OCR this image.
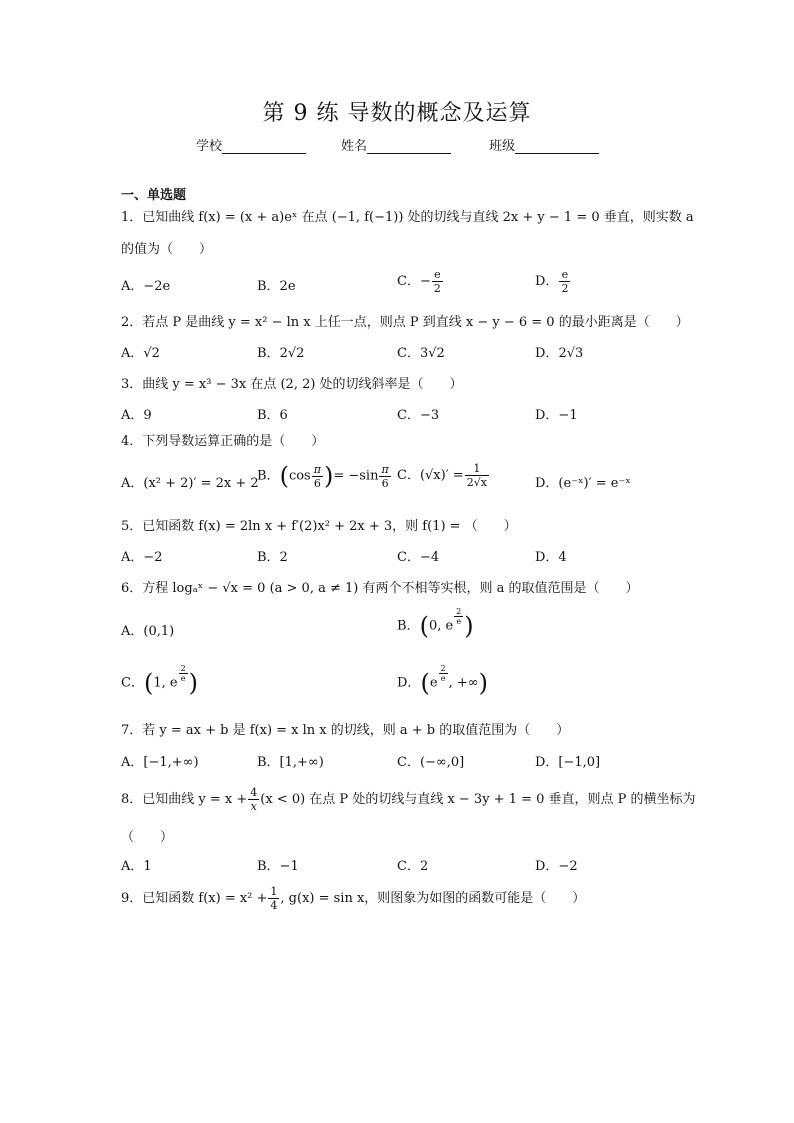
第 9 练 导数的概念及运算
学校	姓名	班级
一、单选题
1．已知曲线 f(x) = (x + a)eˣ 在点 (−1, f(−1)) 处的切线与直线 2x + y − 1 = 0 垂直，则实数 a
的值为（　　）
A．−2e	B．2e	C．− $\frac{e}{2}$	D． $\frac{e}{2}$
2．若点 P 是曲线 y = x² − ln x 上任一点，则点 P 到直线 x − y − 6 = 0 的最小距离是（　　）
A．√2	B．2√2	C．3√2	D．2√3
3．曲线 y = x³ − 3x 在点 (2, 2) 处的切线斜率是（　　）
A．9	B．6	C．−3	D．−1
4．下列导数运算正确的是（　　）
A．(x² + 2)′ = 2x + 2
B．($\cos \frac{\pi}{6}$ )= $-\sin \frac{\pi}{6}$ C．$(√x)' = \frac{1}{2√x}$	D．(e⁻ˣ)′ = e⁻ˣ
5．已知函数 f(x) = 2ln x + f′(2)x² + 2x + 3，则 f(1) = （　　）
A．−2	B．2	C．−4	D．4
6．方程 logₐˣ − √x = 0 (a > 0, a ≠ 1) 有两个不相等实根，则 a 的取值范围是（　　）
A．(0,1)	B．(0, e $\frac{2}{e}$ )
C．(1, e $\frac{2}{e}$ )	D．($e \frac{2}{e}$ , +∞)
7．若 y = ax + b 是 f(x) = x ln x 的切线，则 a + b 的取值范围为（　　）
A．[−1,+∞)	B．[1,+∞)	C．(−∞,0]	D．[−1,0]
8．已知曲线 $y = x + \frac{4}{x} (x < 0)$ 在点 P 处的切线与直线 x − 3y + 1 = 0 垂直，则点 P 的横坐标为
（　　）
A．1	B．−1	C．2	D．−2
9．已知函数 $f(x) = x^2 + \frac{1}{4}$ , g(x) = sin x，则图象为如图的函数可能是（　　）
